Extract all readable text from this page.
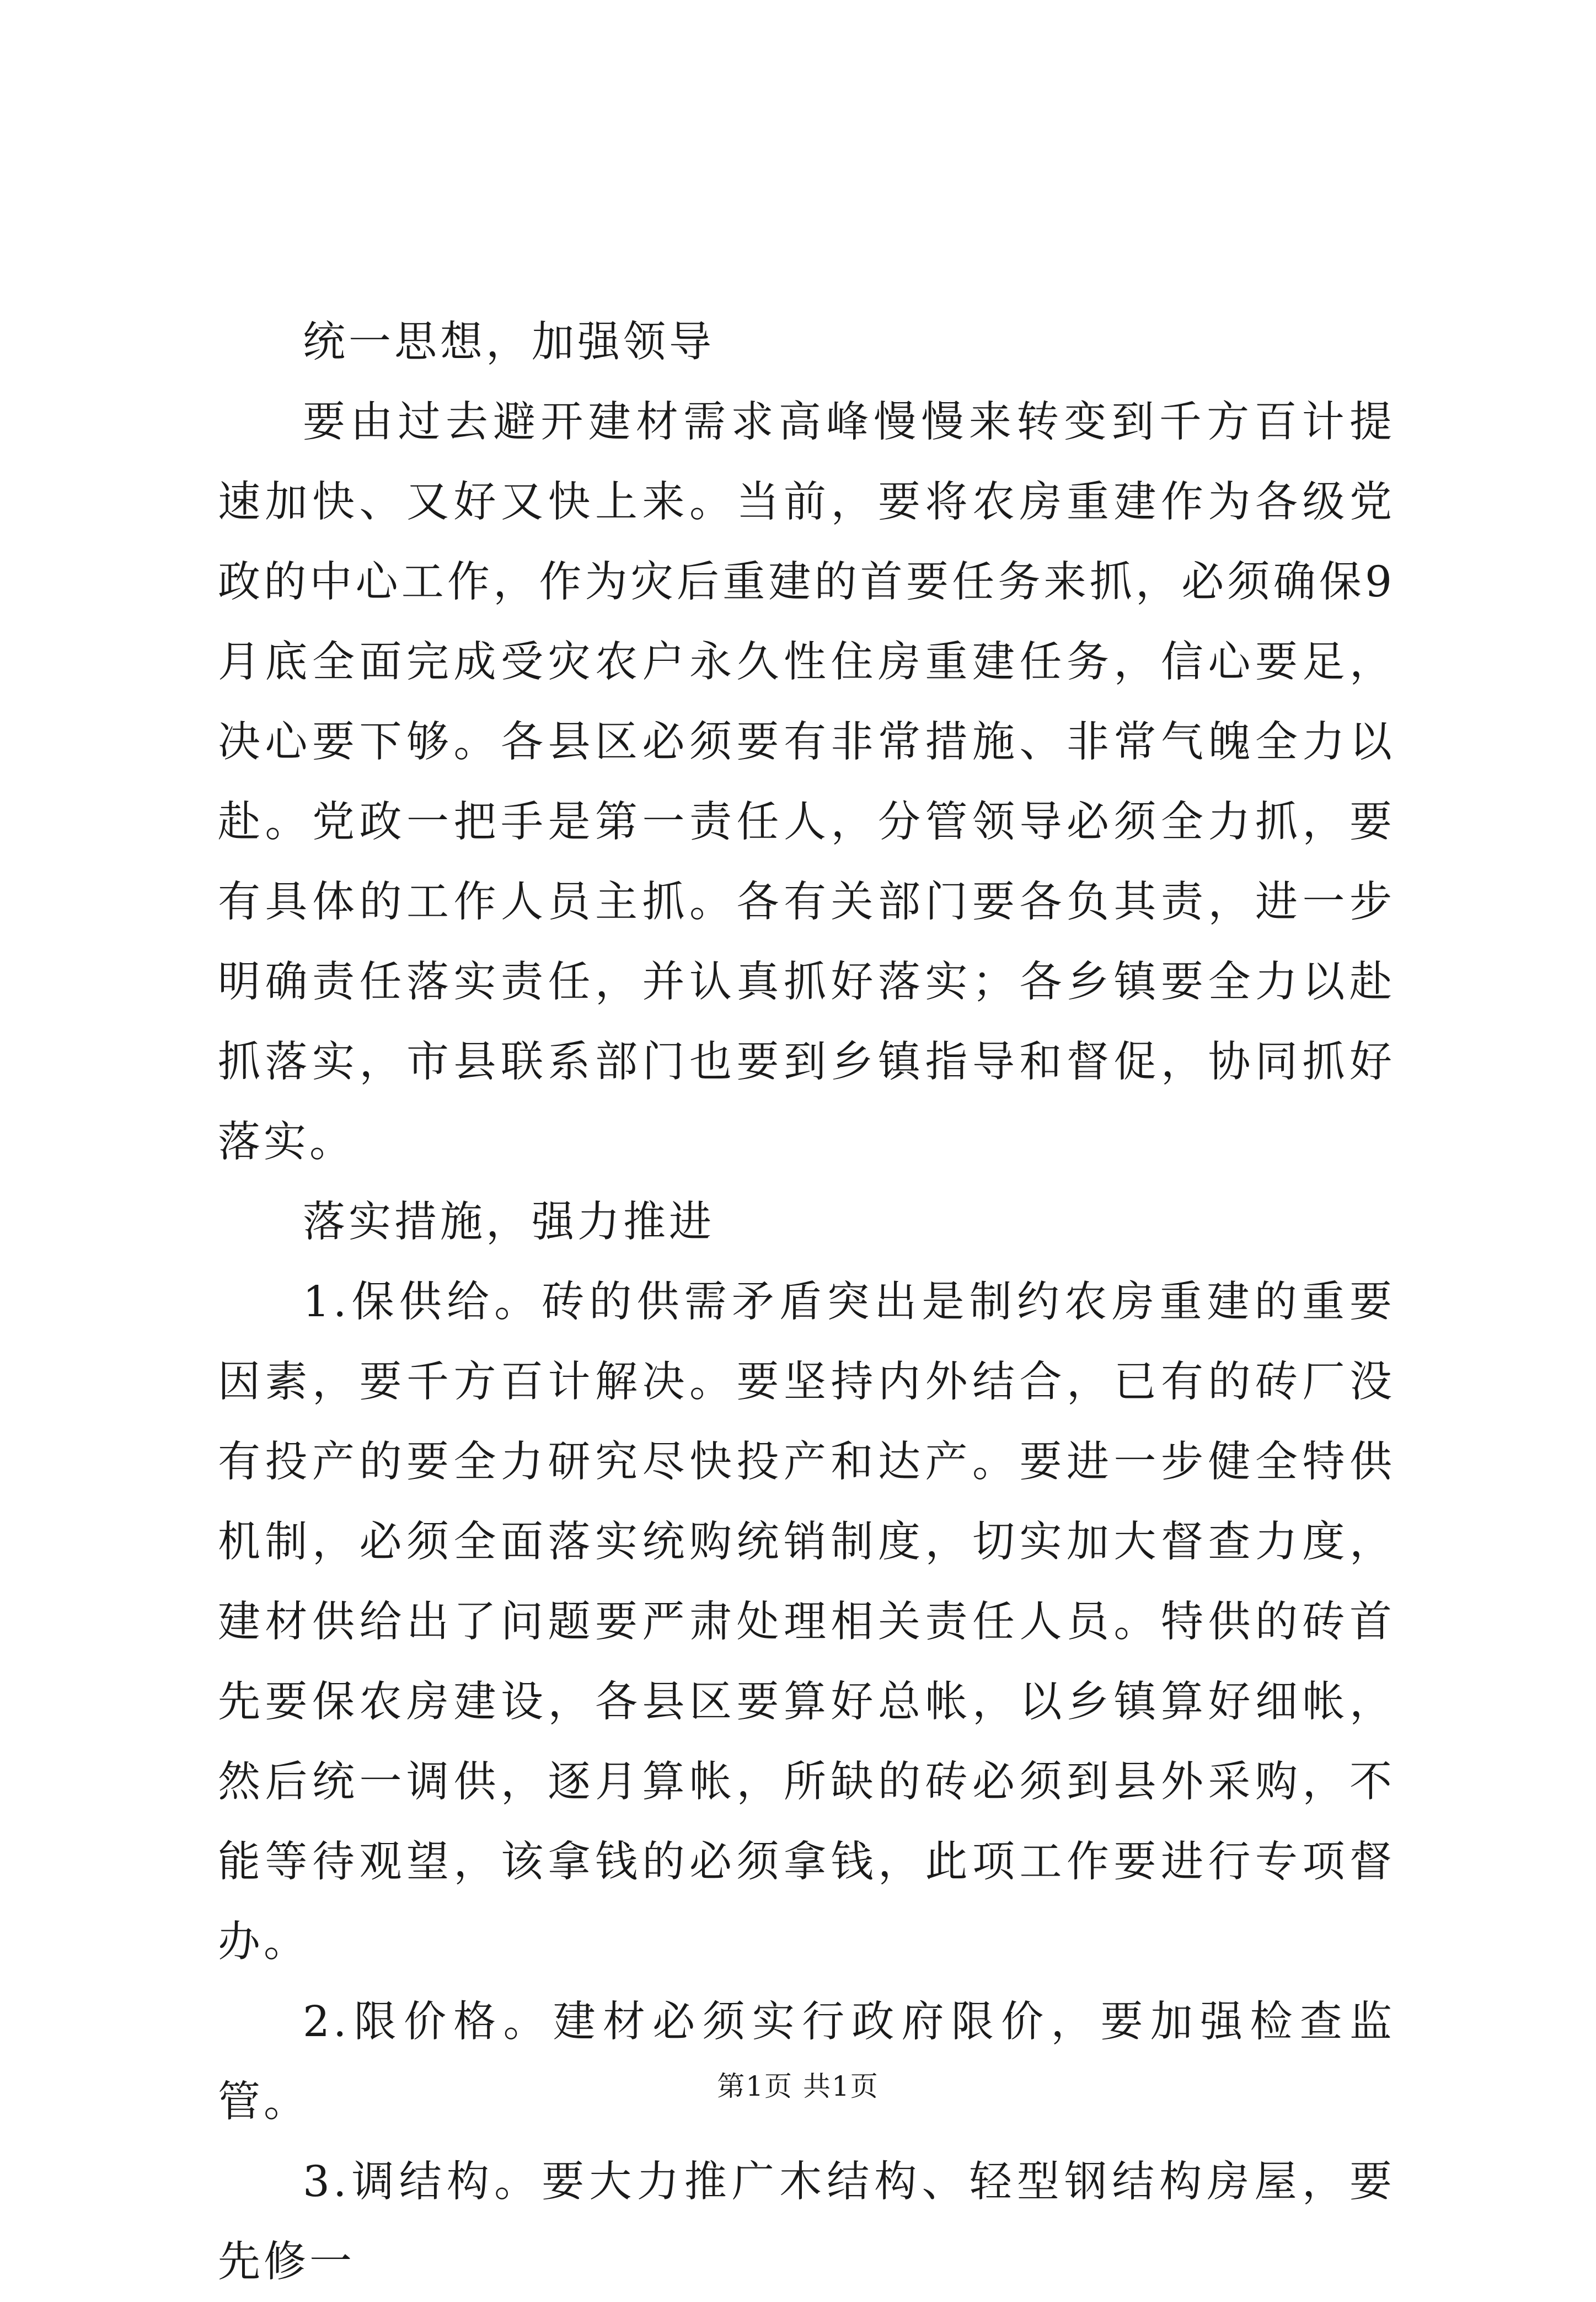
统一思想，加强领导

要由过去避开建材需求高峰慢慢来转变到千方百计提速加快、又好又快上来。当前，要将农房重建作为各级党政的中心工作，作为灾后重建的首要任务来抓，必须确保9月底全面完成受灾农户永久性住房重建任务，信心要足，决心要下够。各县区必须要有非常措施、非常气魄全力以赴。党政一把手是第一责任人，分管领导必须全力抓，要有具体的工作人员主抓。各有关部门要各负其责，进一步明确责任落实责任，并认真抓好落实；各乡镇要全力以赴抓落实，市县联系部门也要到乡镇指导和督促，协同抓好落实。

落实措施，强力推进

1.保供给。砖的供需矛盾突出是制约农房重建的重要因素，要千方百计解决。要坚持内外结合，已有的砖厂没有投产的要全力研究尽快投产和达产。要进一步健全特供机制，必须全面落实统购统销制度，切实加大督查力度，建材供给出了问题要严肃处理相关责任人员。特供的砖首先要保农房建设，各县区要算好总帐，以乡镇算好细帐，然后统一调供，逐月算帐，所缺的砖必须到县外采购，不能等待观望，该拿钱的必须拿钱，此项工作要进行专项督办。

2.限价格。建材必须实行政府限价，要加强检查监管。

3.调结构。要大力推广木结构、轻型钢结构房屋，要先修一

第1页 共1页
